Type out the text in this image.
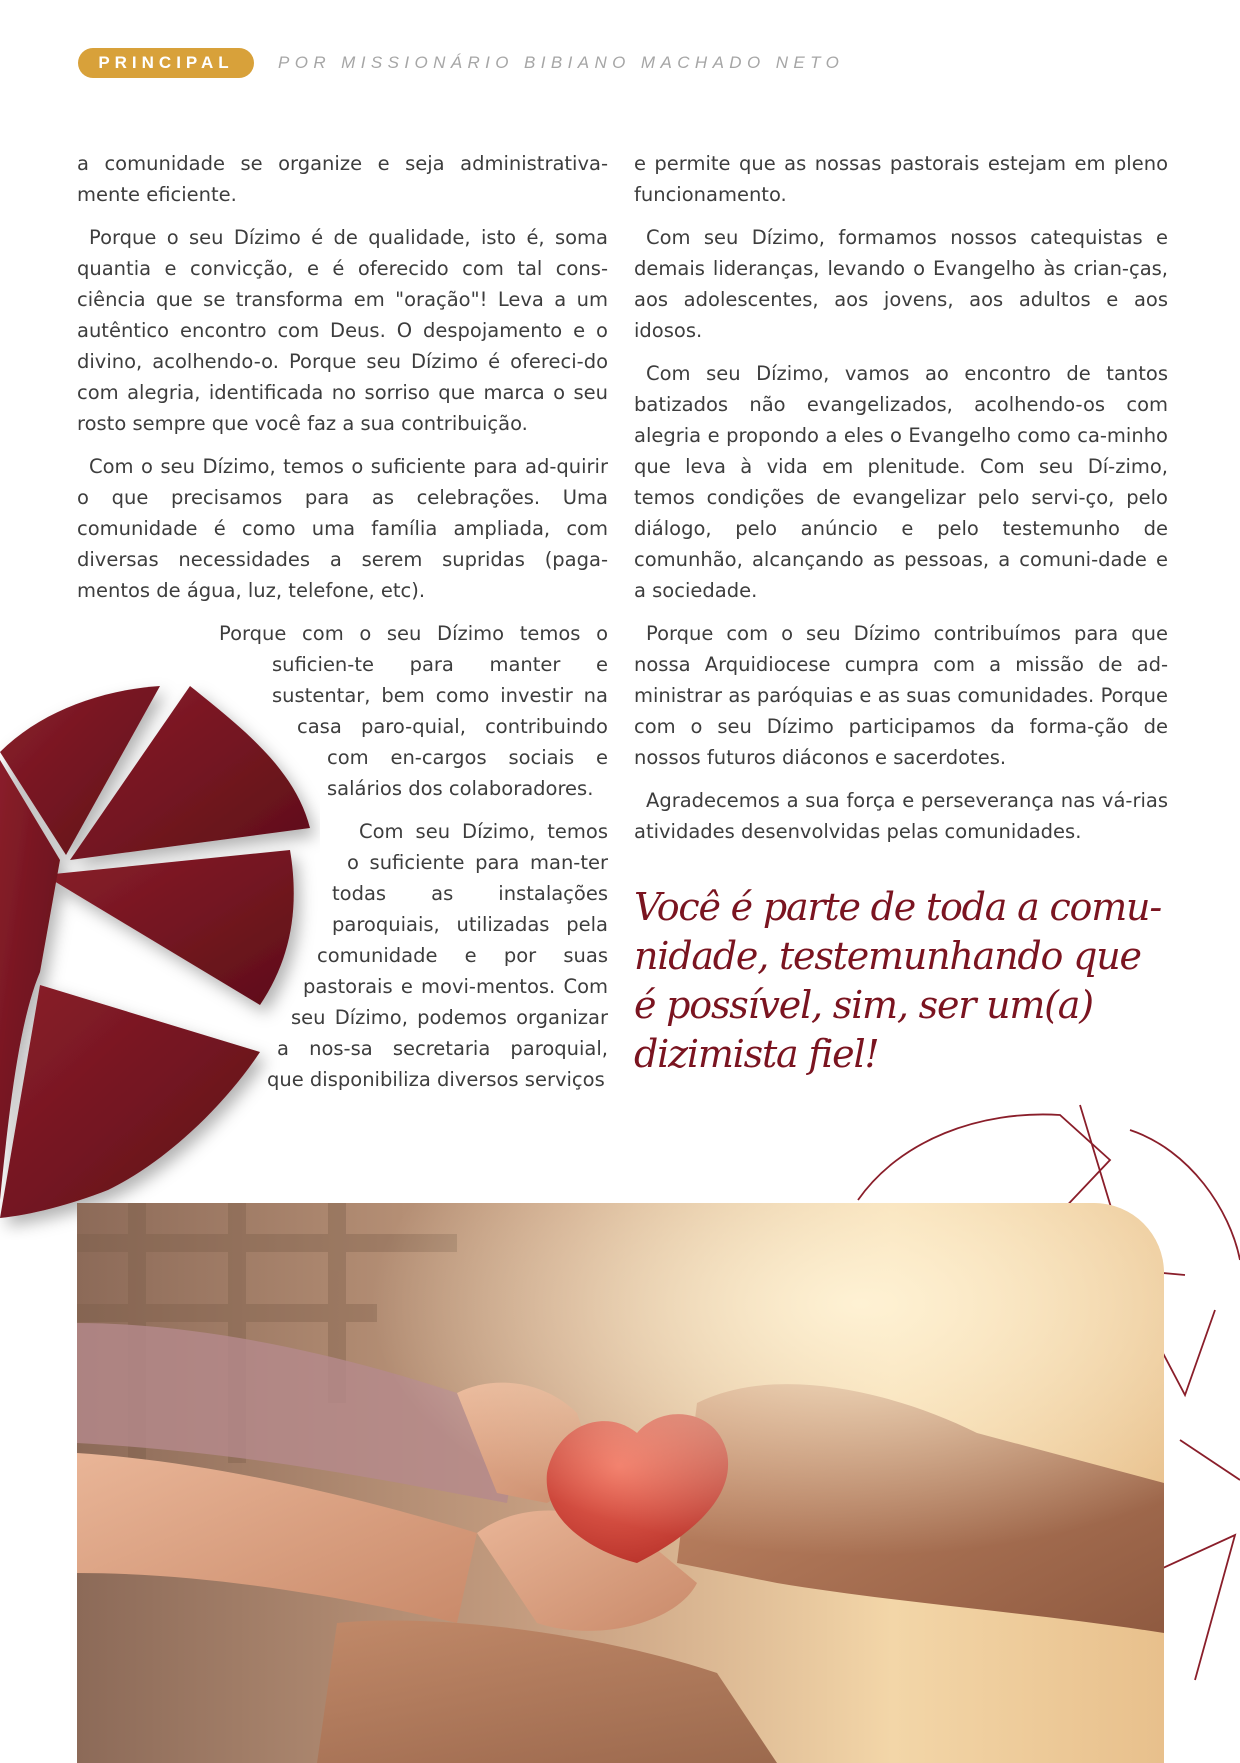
PRINCIPAL	POR MISSIONÁRIO BIBIANO MACHADO NETO

a comunidade se organize e seja administrativa-mente eficiente.

Porque o seu Dízimo é de qualidade, isto é, soma quantia e convicção, e é oferecido com tal cons-ciência que se transforma em "oração"! Leva a um autêntico encontro com Deus. O despojamento e o divino, acolhendo-o. Porque seu Dízimo é ofereci-do com alegria, identificada no sorriso que marca o seu rosto sempre que você faz a sua contribuição.

Com o seu Dízimo, temos o suficiente para ad-quirir o que precisamos para as celebrações. Uma comunidade é como uma família ampliada, com diversas necessidades a serem supridas (paga-mentos de água, luz, telefone, etc).

Porque com o seu Dízimo temos o suficien-te para manter e sustentar, bem como investir na casa paro-quial, contribuindo com en-cargos sociais e salários dos colaboradores.

Com seu Dízimo, temos o suficiente para man-ter todas as instalações paroquiais, utilizadas pela comunidade e por suas pastorais e movi-mentos. Com seu Dízimo, podemos organizar a nos-sa secretaria paroquial, que disponibiliza diversos serviços

e permite que as nossas pastorais estejam em pleno funcionamento.

Com seu Dízimo, formamos nossos catequistas e demais lideranças, levando o Evangelho às crian-ças, aos adolescentes, aos jovens, aos adultos e aos idosos.

Com seu Dízimo, vamos ao encontro de tantos batizados não evangelizados, acolhendo-os com alegria e propondo a eles o Evangelho como ca-minho que leva à vida em plenitude. Com seu Dí-zimo, temos condições de evangelizar pelo servi-ço, pelo diálogo, pelo anúncio e pelo testemunho de comunhão, alcançando as pessoas, a comuni-dade e a sociedade.

Porque com o seu Dízimo contribuímos para que nossa Arquidiocese cumpra com a missão de ad-ministrar as paróquias e as suas comunidades. Porque com o seu Dízimo participamos da forma-ção de nossos futuros diáconos e sacerdotes.

Agradecemos a sua força e perseverança nas vá-rias atividades desenvolvidas pelas comunidades.

Você é parte de toda a comu-nidade, testemunhando que é possível, sim, ser um(a) dizimista fiel!
